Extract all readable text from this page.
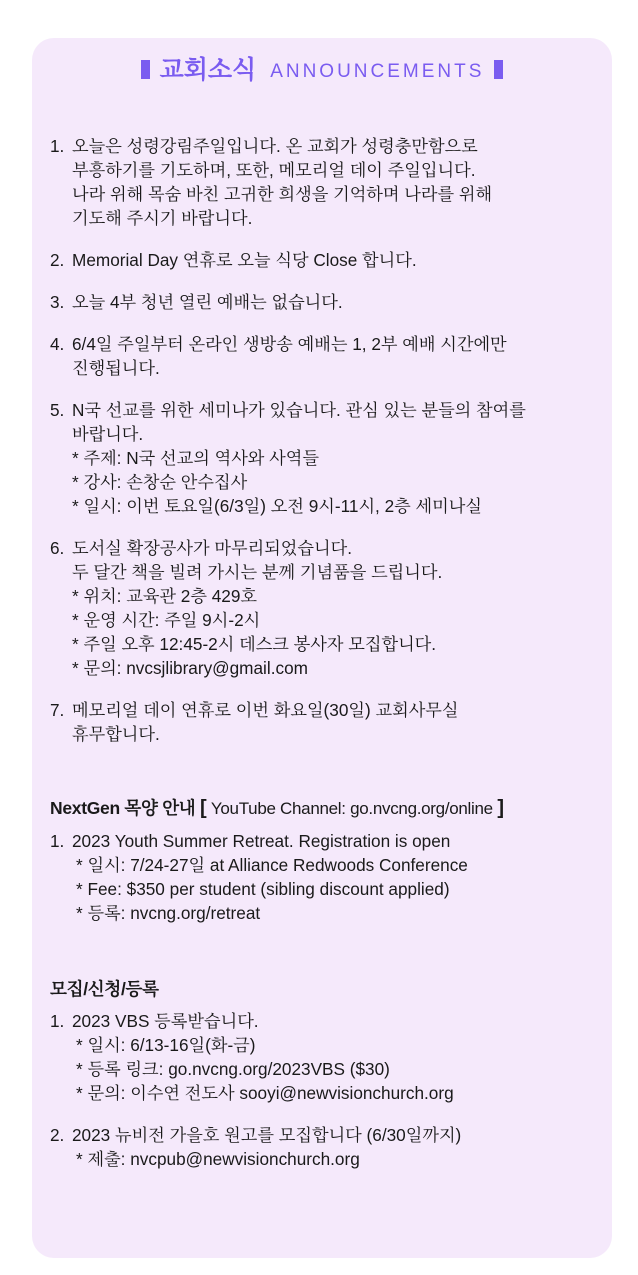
교회소식 ANNOUNCEMENTS
1. 오늘은 성령강림주일입니다. 온 교회가 성령충만함으로
부흥하기를 기도하며, 또한, 메모리얼 데이 주일입니다.
나라 위해 목숨 바친 고귀한 희생을 기억하며 나라를 위해
기도해 주시기 바랍니다.
2. Memorial Day 연휴로 오늘 식당 Close 합니다.
3. 오늘 4부 청년 열린 예배는 없습니다.
4. 6/4일 주일부터 온라인 생방송 예배는 1, 2부 예배 시간에만
진행됩니다.
5. N국 선교를 위한 세미나가 있습니다. 관심 있는 분들의 참여를
바랍니다.
* 주제: N국 선교의 역사와 사역들
* 강사: 손창순 안수집사
* 일시: 이번 토요일(6/3일) 오전 9시-11시, 2층 세미나실
6. 도서실 확장공사가 마무리되었습니다.
두 달간 책을 빌려 가시는 분께 기념품을 드립니다.
* 위치: 교육관 2층 429호
* 운영 시간: 주일 9시-2시
* 주일 오후 12:45-2시 데스크 봉사자 모집합니다.
* 문의: nvcsjlibrary@gmail.com
7. 메모리얼 데이 연휴로 이번 화요일(30일) 교회사무실
휴무합니다.
NextGen 목양 안내 [ YouTube Channel: go.nvcng.org/online ]
1. 2023 Youth Summer Retreat. Registration is open
* 일시: 7/24-27일 at Alliance Redwoods Conference
* Fee: $350 per student (sibling discount applied)
* 등록: nvcng.org/retreat
모집/신청/등록
1. 2023 VBS 등록받습니다.
* 일시: 6/13-16일(화-금)
* 등록 링크: go.nvcng.org/2023VBS ($30)
* 문의: 이수연 전도사 sooyi@newvisionchurch.org
2. 2023 뉴비전 가을호 원고를 모집합니다 (6/30일까지)
* 제출: nvcpub@newvisionchurch.org
